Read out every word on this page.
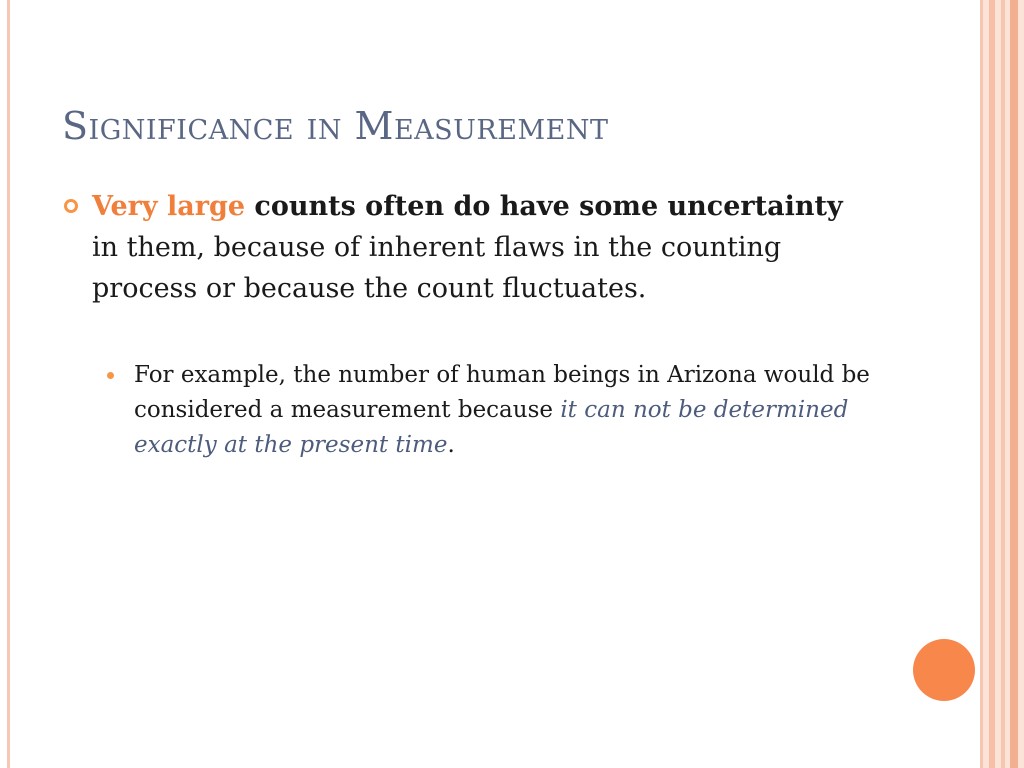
Significance in Measurement
Very large counts often do have some uncertainty in them, because of inherent flaws in the counting process or because the count fluctuates.
For example, the number of human beings in Arizona would be considered a measurement because it can not be determined exactly at the present time.
